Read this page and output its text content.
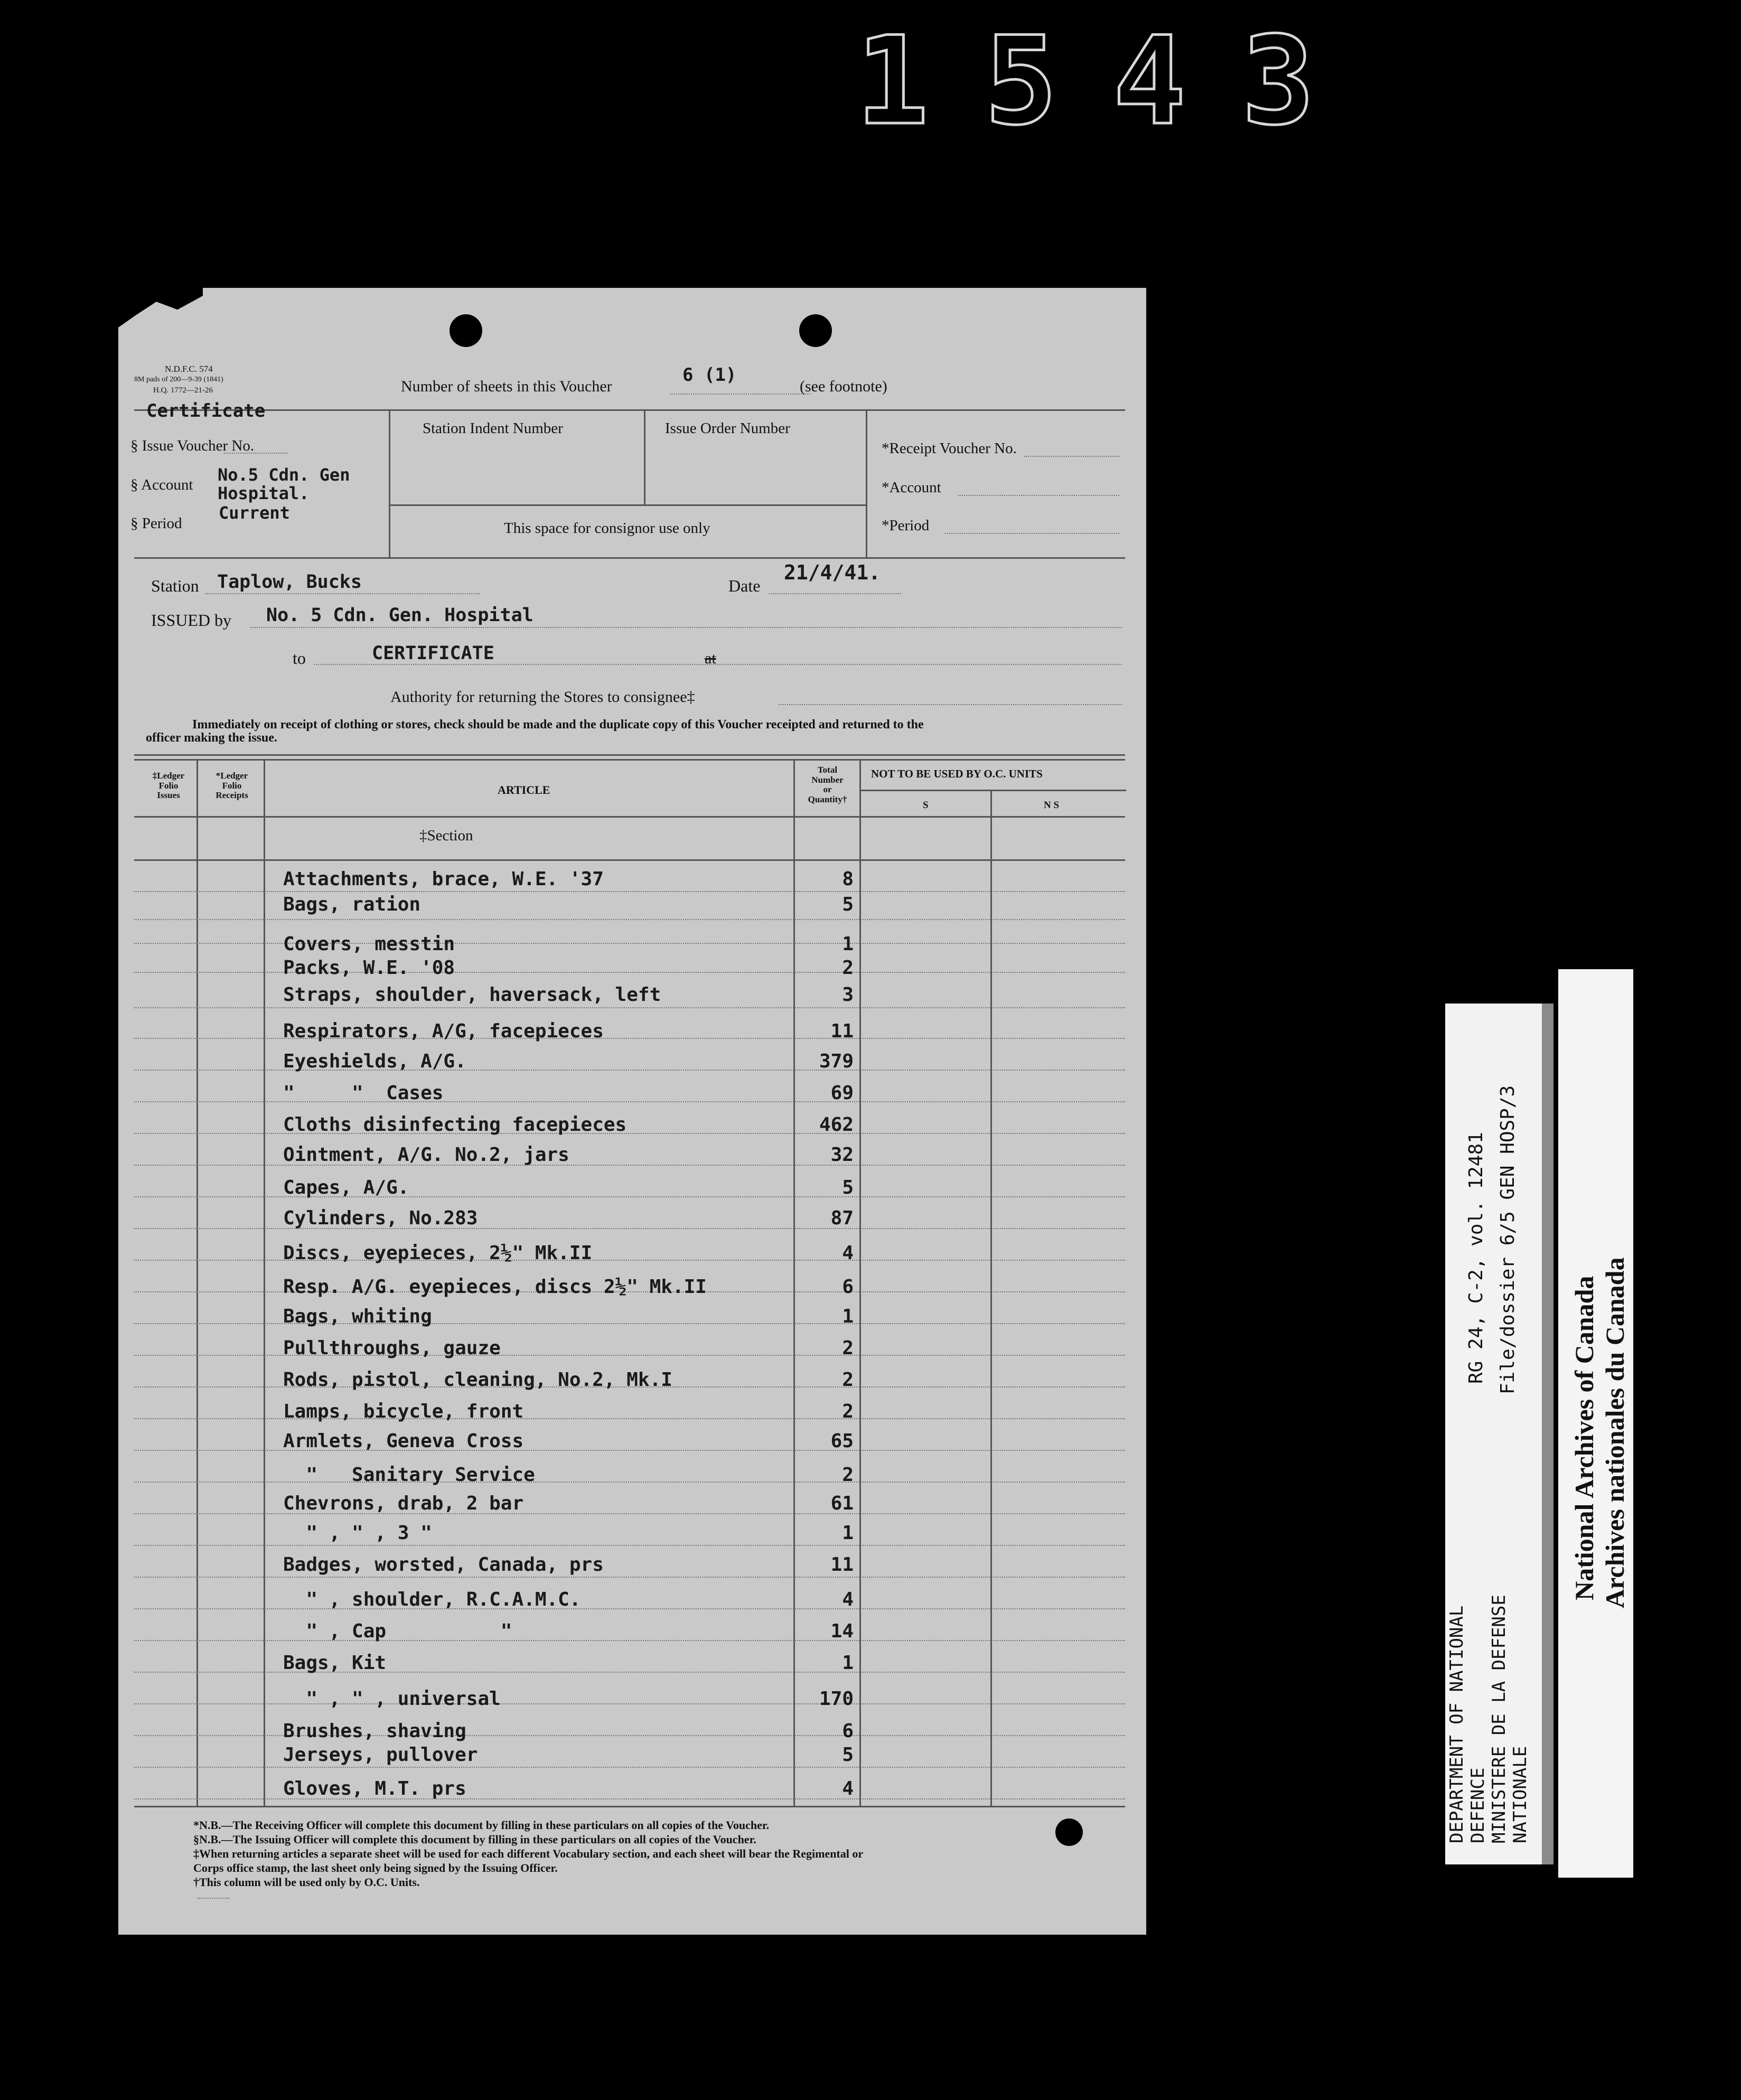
1 5 4 3
N.D.F.C. 574
8M pads of 200—9-39 (1841)
H.Q. 1772—21-26	Number of sheets in this Voucher
6 (1)
(see footnote)
Certificate
§ Issue Voucher No.
§ Account No.5 Cdn. Gen
Hospital.
§ Period
Current
Station Indent Number	Issue Order Number
This space for consignor use only
*Receipt Voucher No.
*Account
*Period
Station Taplow, Bucks	Date
21/4/41.
ISSUED by No. 5 Cdn. Gen. Hospital
to	CERTIFICATE	at
Authority for returning the Stores to consignee‡
Immediately on receipt of clothing or stores, check should be made and the duplicate copy of this Voucher receipted and returned to the
officer making the issue.
‡Ledger
Folio
Issues
*Ledger
Folio
Receipts	ARTICLE
Total
Number
or
Quantity†
NOT TO BE USED BY O.C. UNITS
S	N S
‡Section
Attachments, brace, W.E. '37	8
Bags, ration	5
Covers, messtin	1
Packs, W.E. '08	2
Straps, shoulder, haversack, left	3
Respirators, A/G, facepieces	11
Eyeshields, A/G.	379
"     "  Cases	69
Cloths disinfecting facepieces	462
Ointment, A/G. No.2, jars	32
Capes, A/G.	5
Cylinders, No.283	87
Discs, eyepieces, 2½" Mk.II	4
Resp. A/G. eyepieces, discs 2½" Mk.II	6
Bags, whiting	1
Pullthroughs, gauze	2
Rods, pistol, cleaning, No.2, Mk.I	2
Lamps, bicycle, front	2
Armlets, Geneva Cross	65
"   Sanitary Service	2
Chevrons, drab, 2 bar	61
" , " , 3 "	1
Badges, worsted, Canada, prs	11
" , shoulder, R.C.A.M.C.	4
" , Cap          "	14
Bags, Kit	1
" , " , universal	170
Brushes, shaving	6
Jerseys, pullover	5
Gloves, M.T. prs	4
*N.B.—The Receiving Officer will complete this document by filling in these particulars on all copies of the Voucher.
§N.B.—The Issuing Officer will complete this document by filling in these particulars on all copies of the Voucher.
‡When returning articles a separate sheet will be used for each different Vocabulary section, and each sheet will bear the Regimental or
Corps office stamp, the last sheet only being signed by the Issuing Officer.
†This column will be used only by O.C. Units.
RG 24, C-2, vol. 12481 File/dossier 6/5 GEN HOSP/3
DEPARTMENT OF NATIONAL DEFENCE MINISTERE DE LA DEFENSE NATIONALE
National Archives of Canada Archives nationales du Canada
